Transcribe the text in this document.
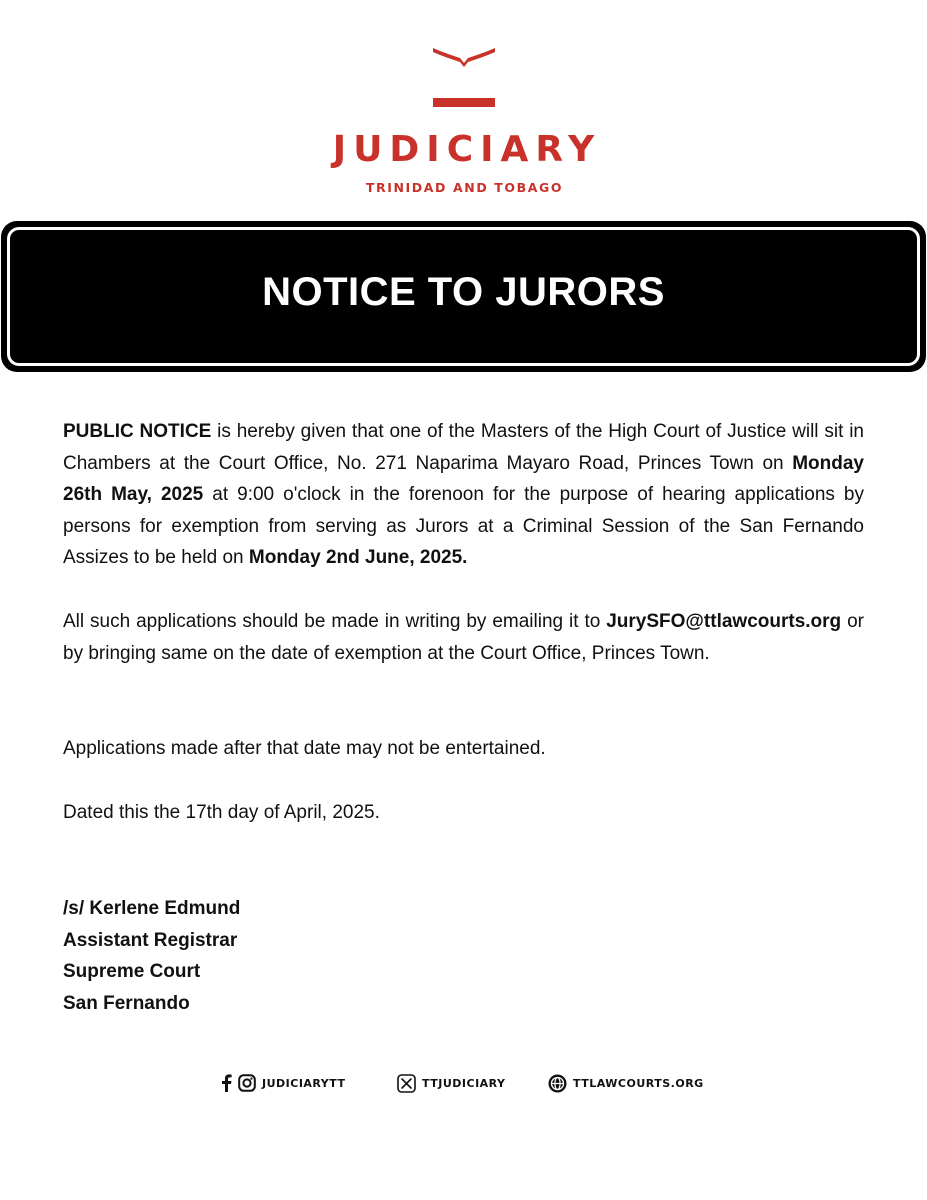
JUDICIARY
TRINIDAD AND TOBAGO
NOTICE TO JURORS

PUBLIC NOTICE is hereby given that one of the Masters of the High Court of Justice will sit in Chambers at the Court Office, No. 271 Naparima Mayaro Road, Princes Town on Monday 26th May, 2025 at 9:00 o'clock in the forenoon for the purpose of hearing applications by persons for exemption from serving as Jurors at a Criminal Session of the San Fernando Assizes to be held on Monday 2nd June, 2025.

All such applications should be made in writing by emailing it to JurySFO@ttlawcourts.org or by bringing same on the date of exemption at the Court Office, Princes Town.

Applications made after that date may not be entertained.

Dated this the 17th day of April, 2025.

/s/ Kerlene Edmund
Assistant Registrar
Supreme Court
San Fernando
JUDICIARYTT	TTJUDICIARY	TTLAWCOURTS.ORG
